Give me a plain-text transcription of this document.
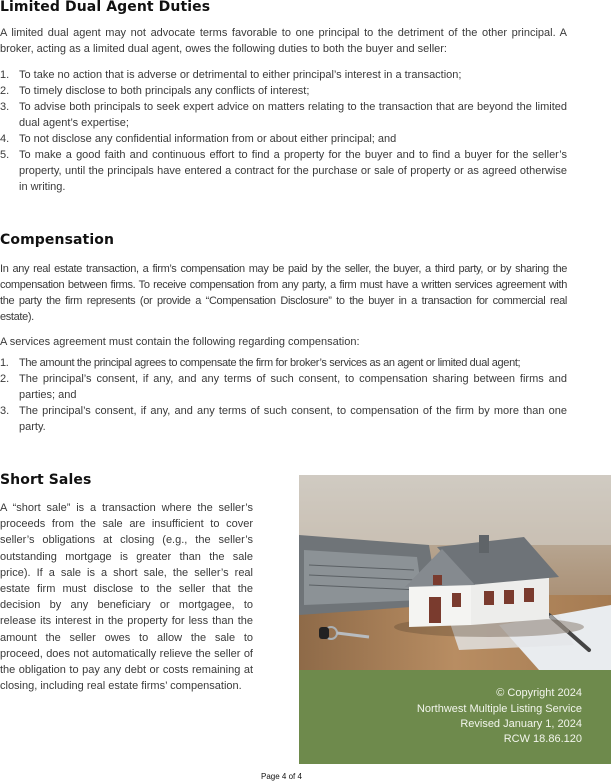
Limited Dual Agent Duties

A limited dual agent may not advocate terms favorable to one principal to the detriment of the other principal. A broker, acting as a limited dual agent, owes the following duties to both the buyer and seller:

1. To take no action that is adverse or detrimental to either principal’s interest in a transaction;
2. To timely disclose to both principals any conflicts of interest;
3. To advise both principals to seek expert advice on matters relating to the transaction that are beyond the limited dual agent’s expertise;
4. To not disclose any confidential information from or about either principal; and
5. To make a good faith and continuous effort to find a property for the buyer and to find a buyer for the seller’s property, until the principals have entered a contract for the purchase or sale of property or as agreed otherwise in writing.
Compensation

In any real estate transaction, a firm’s compensation may be paid by the seller, the buyer, a third party, or by sharing the compensation between firms. To receive compensation from any party, a firm must have a written services agreement with the party the firm represents (or provide a “Compensation Disclosure” to the buyer in a transaction for commercial real estate).

A services agreement must contain the following regarding compensation:

1. The amount the principal agrees to compensate the firm for broker’s services as an agent or limited dual agent;
2. The principal’s consent, if any, and any terms of such consent, to compensation sharing between firms and parties; and
3. The principal’s consent, if any, and any terms of such consent, to compensation of the firm by more than one party.
Short Sales

A “short sale” is a transaction where the seller’s proceeds from the sale are insufficient to cover seller’s obligations at closing (e.g., the seller’s outstanding mortgage is greater than the sale price). If a sale is a short sale, the seller’s real estate firm must disclose to the seller that the decision by any beneficiary or mortgagee, to release its interest in the property for less than the amount the seller owes to allow the sale to proceed, does not automatically relieve the seller of the obligation to pay any debt or costs remaining at closing, including real estate firms’ compensation.

© Copyright 2024
Northwest Multiple Listing Service
Revised January 1, 2024
RCW 18.86.120
Page 4 of 4
